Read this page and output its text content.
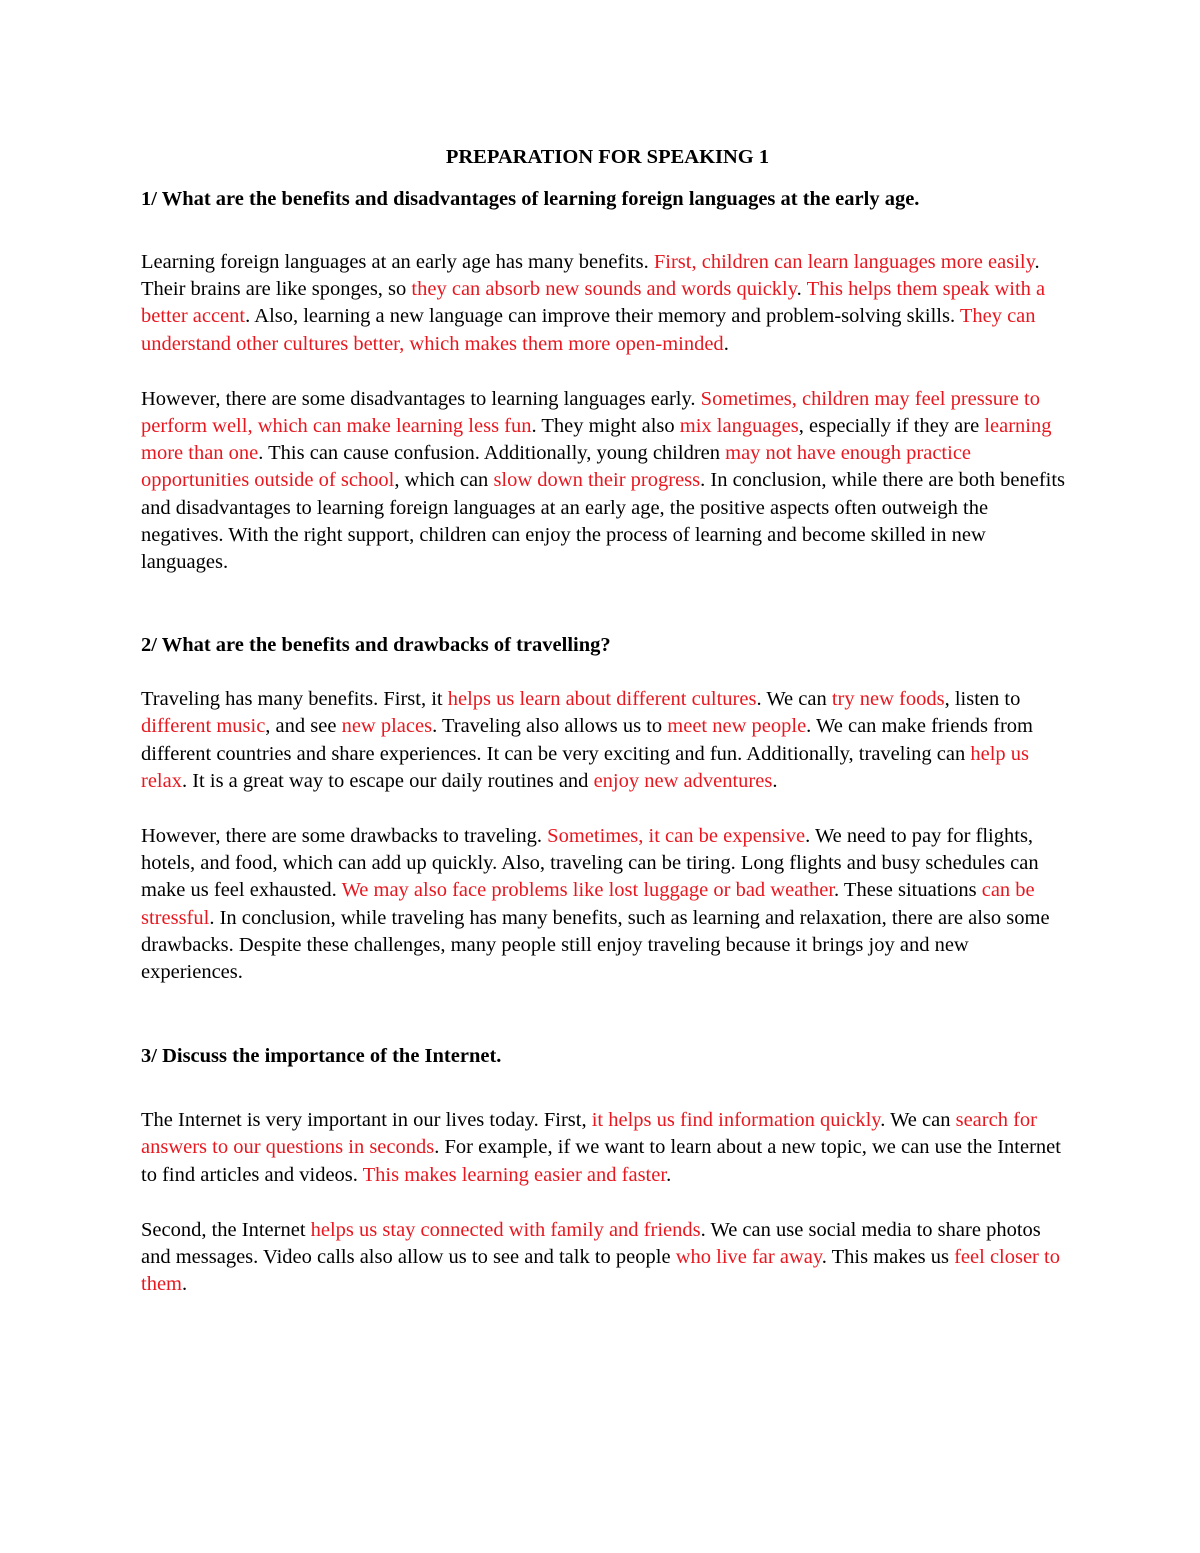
PREPARATION FOR SPEAKING 1

1/ What are the benefits and disadvantages of learning foreign languages at the early age.

Learning foreign languages at an early age has many benefits. First, children can learn languages more easily. Their brains are like sponges, so they can absorb new sounds and words quickly. This helps them speak with a better accent. Also, learning a new language can improve their memory and problem-solving skills. They can understand other cultures better, which makes them more open-minded.

However, there are some disadvantages to learning languages early. Sometimes, children may feel pressure to perform well, which can make learning less fun. They might also mix languages, especially if they are learning more than one. This can cause confusion. Additionally, young children may not have enough practice opportunities outside of school, which can slow down their progress. In conclusion, while there are both benefits and disadvantages to learning foreign languages at an early age, the positive aspects often outweigh the negatives. With the right support, children can enjoy the process of learning and become skilled in new languages.

2/ What are the benefits and drawbacks of travelling?

Traveling has many benefits. First, it helps us learn about different cultures. We can try new foods, listen to different music, and see new places. Traveling also allows us to meet new people. We can make friends from different countries and share experiences. It can be very exciting and fun. Additionally, traveling can help us relax. It is a great way to escape our daily routines and enjoy new adventures.

However, there are some drawbacks to traveling. Sometimes, it can be expensive. We need to pay for flights, hotels, and food, which can add up quickly. Also, traveling can be tiring. Long flights and busy schedules can make us feel exhausted. We may also face problems like lost luggage or bad weather. These situations can be stressful. In conclusion, while traveling has many benefits, such as learning and relaxation, there are also some drawbacks. Despite these challenges, many people still enjoy traveling because it brings joy and new experiences.

3/ Discuss the importance of the Internet.

The Internet is very important in our lives today. First, it helps us find information quickly. We can search for answers to our questions in seconds. For example, if we want to learn about a new topic, we can use the Internet to find articles and videos. This makes learning easier and faster.

Second, the Internet helps us stay connected with family and friends. We can use social media to share photos and messages. Video calls also allow us to see and talk to people who live far away. This makes us feel closer to them.
